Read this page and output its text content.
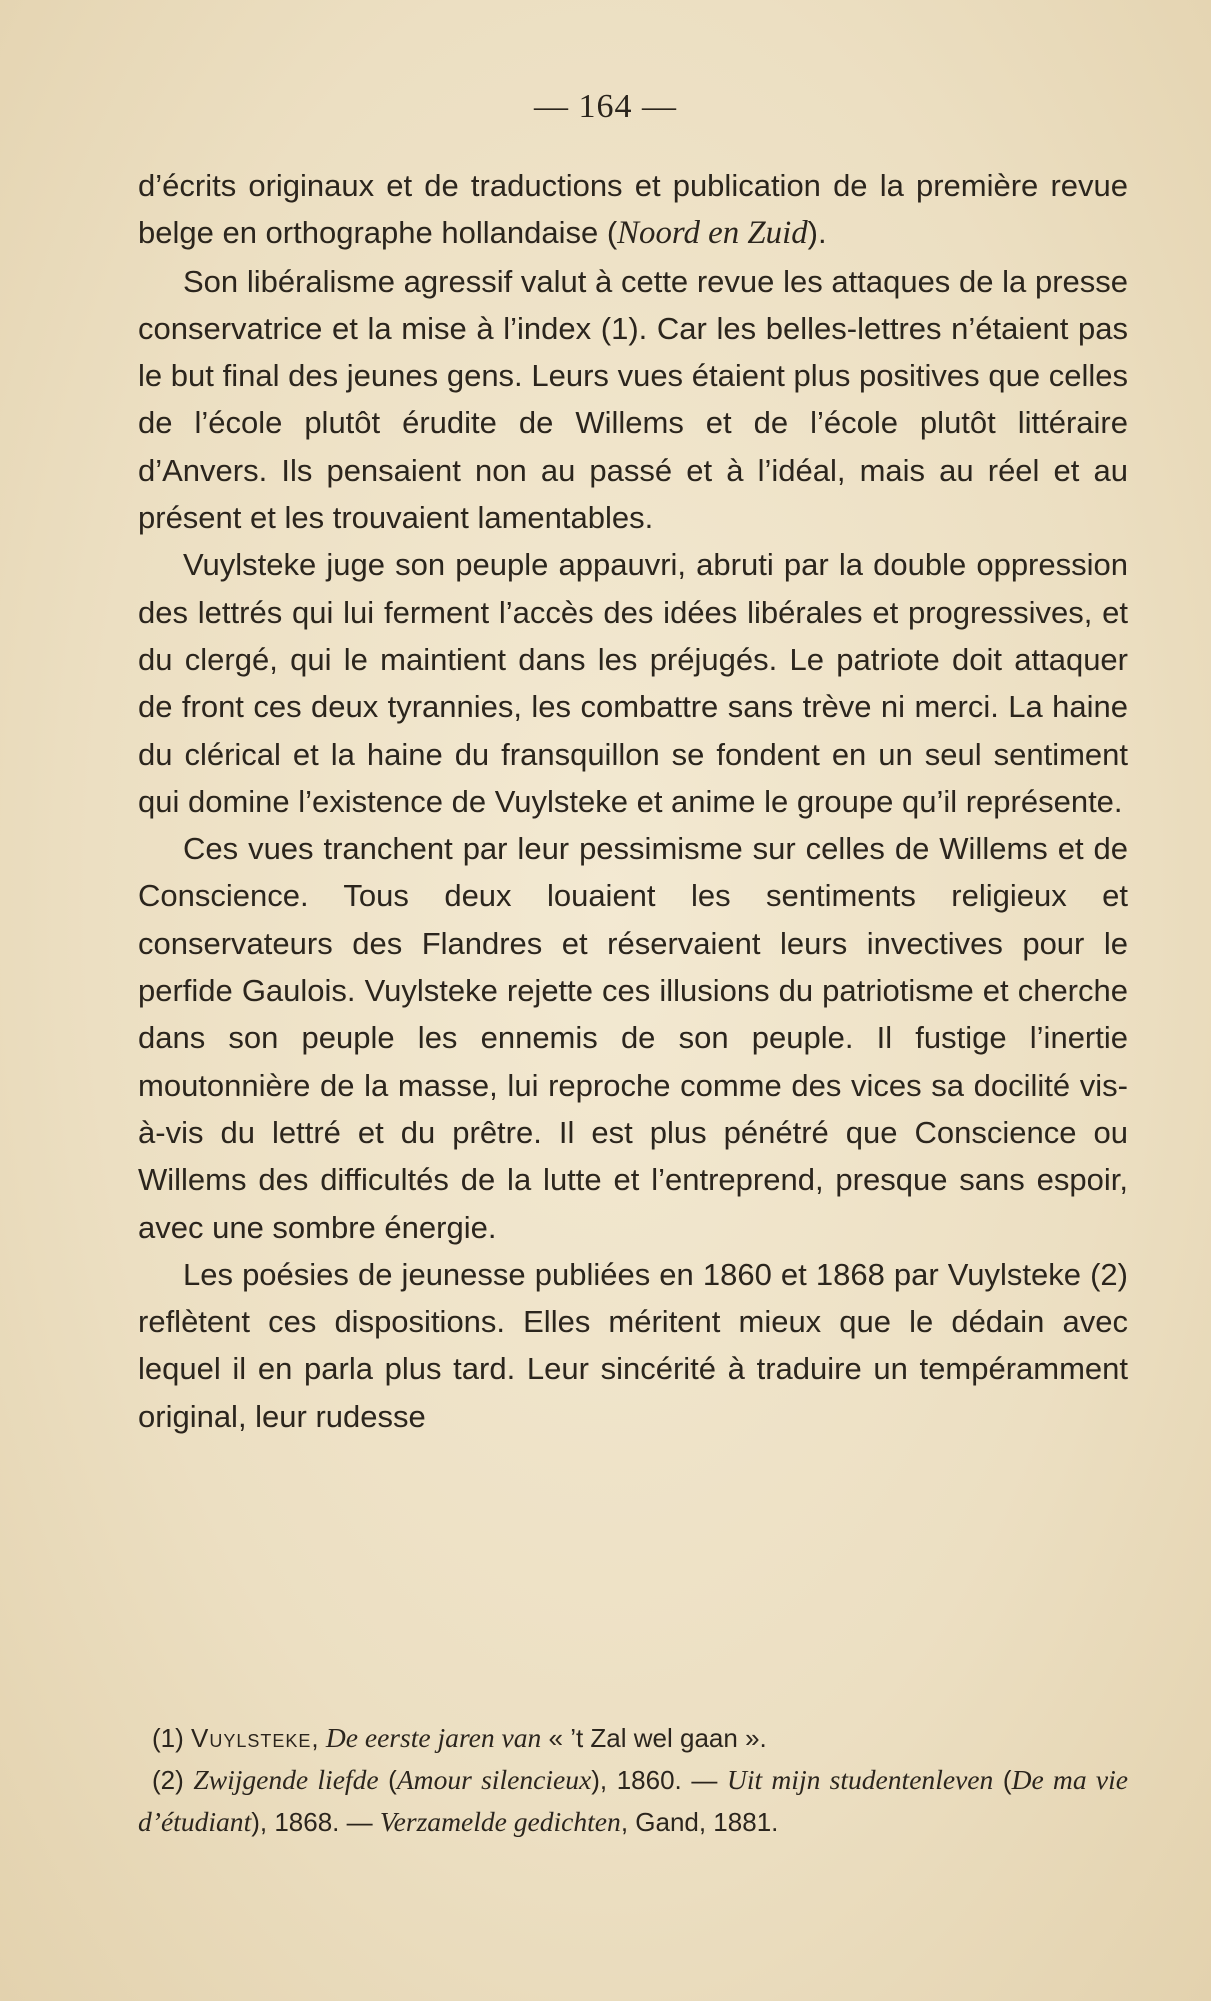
— 164 —

d’écrits originaux et de traductions et publication de la première revue belge en orthographe hollandaise (Noord en Zuid).

Son libéralisme agressif valut à cette revue les attaques de la presse conservatrice et la mise à l’index (1). Car les belles-lettres n’étaient pas le but final des jeunes gens. Leurs vues étaient plus positives que celles de l’école plutôt érudite de Willems et de l’école plutôt littéraire d’Anvers. Ils pensaient non au passé et à l’idéal, mais au réel et au présent et les trouvaient lamentables.

Vuylsteke juge son peuple appauvri, abruti par la double oppression des lettrés qui lui ferment l’accès des idées libérales et progressives, et du clergé, qui le maintient dans les préjugés. Le patriote doit attaquer de front ces deux tyrannies, les combattre sans trève ni merci. La haine du clérical et la haine du fransquillon se fondent en un seul sentiment qui domine l’existence de Vuylsteke et anime le groupe qu’il représente.

Ces vues tranchent par leur pessimisme sur celles de Willems et de Conscience. Tous deux louaient les sentiments religieux et conservateurs des Flandres et réservaient leurs invectives pour le perfide Gaulois. Vuylsteke rejette ces illusions du patriotisme et cherche dans son peuple les ennemis de son peuple. Il fustige l’inertie moutonnière de la masse, lui reproche comme des vices sa docilité vis-à-vis du lettré et du prêtre. Il est plus pénétré que Conscience ou Willems des difficultés de la lutte et l’entreprend, presque sans espoir, avec une sombre énergie.

Les poésies de jeunesse publiées en 1860 et 1868 par Vuylsteke (2) reflètent ces dispositions. Elles méritent mieux que le dédain avec lequel il en parla plus tard. Leur sincérité à traduire un tempéramment original, leur rudesse

(1) Vuylsteke, De eerste jaren van « ’t Zal wel gaan ».

(2) Zwijgende liefde (Amour silencieux), 1860. — Uit mijn studentenleven (De ma vie d’étudiant), 1868. — Verzamelde gedichten, Gand, 1881.
